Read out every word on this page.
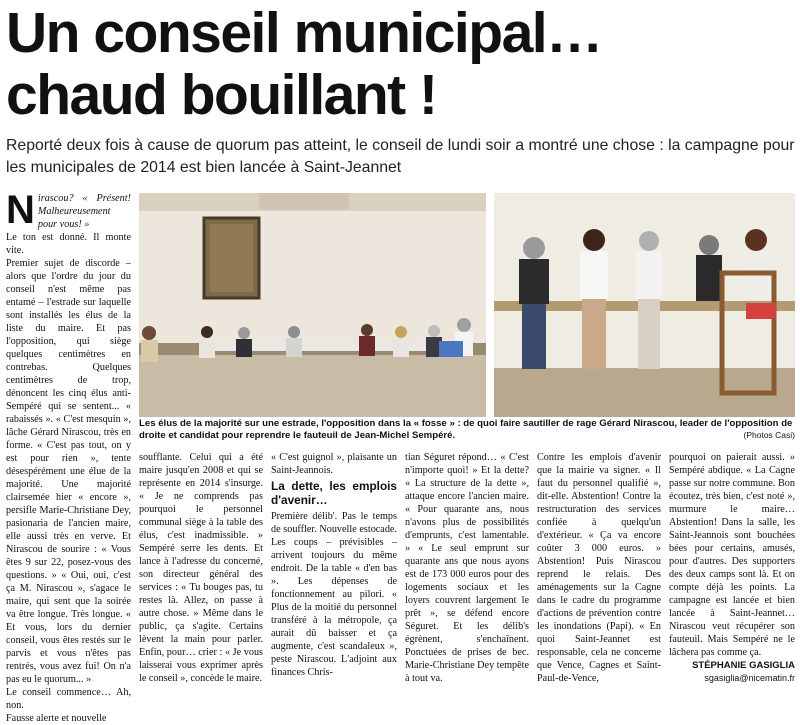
Un conseil municipal…
chaud bouillant !
Reporté deux fois à cause de quorum pas atteint, le conseil de lundi soir a montré une chose : la campagne pour les municipales de 2014 est bien lancée à Saint-Jeannet
N irascou? « Présent! Malheureusement pour vous! »

Le ton est donné. Il monte vite.

Premier sujet de discorde – alors que l'ordre du jour du conseil n'est même pas entamé – l'estrade sur laquelle sont installés les élus de la liste du maire. Et pas l'opposition, qui siège quelques centimètres en contrebas. Quelques centimètres de trop, dénoncent les cinq élus anti-Sempéré qui se sentent... « rabaissés ». « C'est mesquin », lâche Gérard Nirascou, très en forme. « C'est pas tout, on y est pour rien », tente désespérément une élue de la majorité. Une majorité clairsemée hier « encore », persifle Marie-Christiane Dey, pasionaria de l'ancien maire, elle aussi très en verve. Et Nirascou de sourire : « Vous êtes 9 sur 22, posez-vous des questions. » « Oui, oui, c'est ça M. Nirascou », s'agace le maire, qui sent que la soirée va être longue. Très longue. « Et vous, lors du dernier conseil, vous êtes restés sur le parvis et vous n'êtes pas rentrés, vous avez fui! On n'a pas eu le quorum... »

Le conseil commence… Ah, non.

Fausse alerte et nouvelle

Les élus de la majorité sur une estrade, l'opposition dans la « fosse » : de quoi faire sautiller de rage Gérard Nirascou, leader de l'opposition de droite et candidat pour reprendre le fauteuil de Jean-Michel Sempéré.	(Photos Casi)

soufflante. Celui qui a été maire jusqu'en 2008 et qui se représente en 2014 s'insurge. « Je ne comprends pas pourquoi le personnel communal siège à la table des élus, c'est inadmissible. » Sempéré serre les dents. Et lance à l'adresse du concerné, son directeur général des services : « Tu bouges pas, tu restes là. Allez, on passe à autre chose. » Même dans le public, ça s'agite. Certains lèvent la main pour parler. Enfin, pour… crier : « Je vous laisserai vous exprimer après le conseil », concède le maire.

« C'est guignol », plaisante un Saint-Jeannois.

La dette, les emplois d'avenir…

Première délib'. Pas le temps de souffler. Nouvelle estocade. Les coups – prévisibles – arrivent toujours du même endroit. De la table « d'en bas ». Les dépenses de fonctionnement au pilori. « Plus de la moitié du personnel transféré à la métropole, ça aurait dû baisser et ça augmente, c'est scandaleux », peste Nirascou. L'adjoint aux finances Chris-

tian Séguret répond… « C'est n'importe quoi! » Et la dette? « La structure de la dette », attaque encore l'ancien maire. « Pour quarante ans, nous n'avons plus de possibilités d'emprunts, c'est lamentable. » « Le seul emprunt sur quarante ans que nous ayons est de 173 000 euros pour des logements sociaux et les loyers couvrent largement le prêt », se défend encore Séguret. Et les délib's égrènent, s'enchaînent. Ponctuées de prises de bec. Marie-Christiane Dey tempête à tout va.

Contre les emplois d'avenir que la mairie va signer. « Il faut du personnel qualifié », dit-elle. Abstention! Contre la restructuration des services confiée à quelqu'un d'extérieur. « Ça va encore coûter 3 000 euros. » Abstention! Puis Nirascou reprend le relais. Des aménagements sur la Cagne dans le cadre du programme d'actions de prévention contre les inondations (Papi). « En quoi Saint-Jeannet est responsable, cela ne concerne que Vence, Cagnes et Saint-Paul-de-Vence,

pourquoi on paierait aussi. » Sempéré abdique. « La Cagne passe sur notre commune. Bon écoutez, très bien, c'est noté », murmure le maire… Abstention! Dans la salle, les Saint-Jeannois sont bouchées bées pour certains, amusés, pour d'autres. Des supporters des deux camps sont là. Et on compte déjà les points. La campagne est lancée et bien lancée à Saint-Jeannet… Nirascou veut récupérer son fauteuil. Mais Sempéré ne le lâchera pas comme ça.

STÉPHANIE GASIGLIA
sgasiglia@nicematin.fr
